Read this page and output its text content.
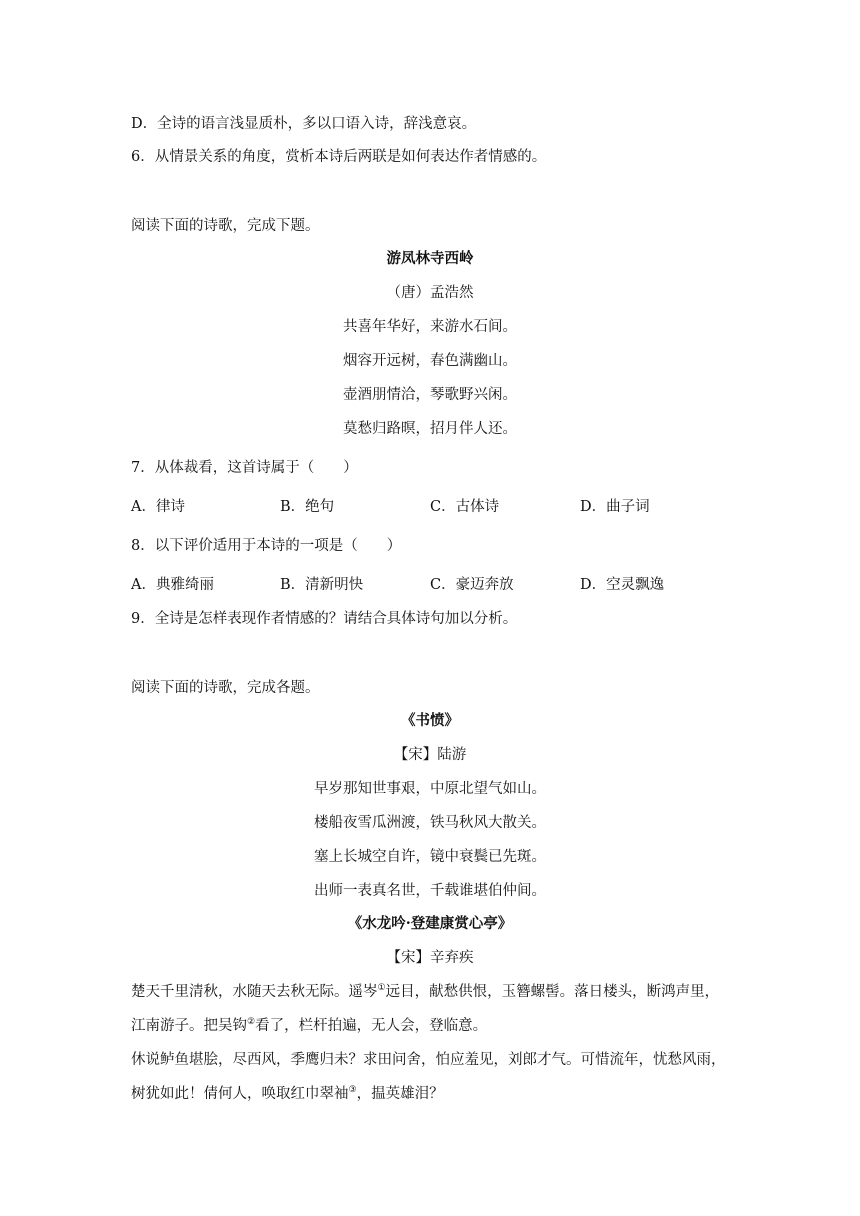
D．全诗的语言浅显质朴，多以口语入诗，辞浅意哀。
6．从情景关系的角度，赏析本诗后两联是如何表达作者情感的。
阅读下面的诗歌，完成下题。
游凤林寺西岭
（唐）孟浩然
共喜年华好，来游水石间。
烟容开远树，春色满幽山。
壶酒朋情洽，琴歌野兴闲。
莫愁归路暝，招月伴人还。
7．从体裁看，这首诗属于（　　）
A．律诗	B．绝句	C．古体诗	D．曲子词
8．以下评价适用于本诗的一项是（　　）
A．典雅绮丽	B．清新明快	C．豪迈奔放	D．空灵飘逸
9．全诗是怎样表现作者情感的？请结合具体诗句加以分析。
阅读下面的诗歌，完成各题。
《书愤》
【宋】陆游
早岁那知世事艰，中原北望气如山。
楼船夜雪瓜洲渡，铁马秋风大散关。
塞上长城空自许，镜中衰鬓已先斑。
出师一表真名世，千载谁堪伯仲间。
《水龙吟·登建康赏心亭》
【宋】辛弃疾
楚天千里清秋，水随天去秋无际。遥岑①远目，献愁供恨，玉簪螺髻。落日楼头，断鸿声里，
江南游子。把吴钩②看了，栏杆拍遍，无人会，登临意。
休说鲈鱼堪脍，尽西风，季鹰归未？求田问舍，怕应羞见，刘郎才气。可惜流年，忧愁风雨，
树犹如此！倩何人，唤取红巾翠袖③，揾英雄泪？
